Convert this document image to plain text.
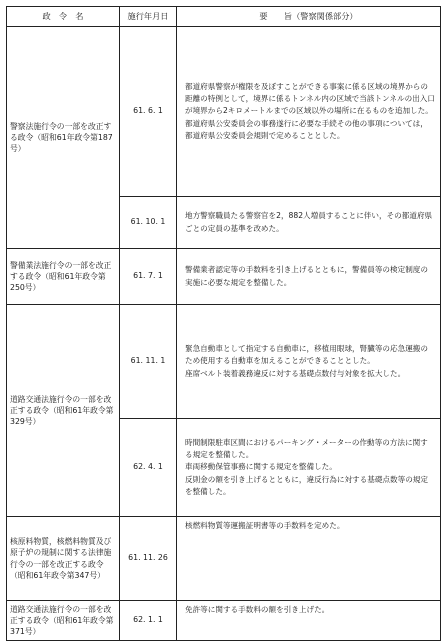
政　令　名	施行年月日	要　　旨（警察関係部分）
警察法施行令の一部を改正する政令（昭和61年政令第187号）	61. 6. 1	都道府県警察が権限を及ぼすことができる事案に係る区域の境界からの距離の特例として，境界に係るトンネル内の区域で当該トンネルの出入口が境界から2キロメートルまでの区域以外の場所に在るものを追加した。

都道府県公安委員会の事務遂行に必要な手続その他の事項については，都道府県公安委員会規則で定めることとした。

	61. 10. 1	地方警察職員たる警察官を2，882人増員することに伴い，その都道府県ごとの定員の基準を改めた。

警備業法施行令の一部を改正する政令（昭和61年政令第250号）	61. 7. 1	警備業者認定等の手数料を引き上げるとともに，警備員等の検定制度の実施に必要な規定を整備した。

道路交通法施行令の一部を改正する政令（昭和61年政令第329号）	61. 11. 1	緊急自動車として指定する自動車に，移植用眼球，腎臓等の応急運搬のため使用する自動車を加えることができることとした。

座席ベルト装着義務違反に対する基礎点数付与対象を拡大した。

	62. 4. 1	時間制限駐車区間におけるパーキング・メーターの作動等の方法に関する規定を整備した。

車両移動保管事務に関する規定を整備した。

反則金の額を引き上げるとともに，違反行為に対する基礎点数等の規定を整備した。

核原料物質，核燃料物質及び原子炉の規制に関する法律施行令の一部を改正する政令（昭和61年政令第347号）	61. 11. 26	核燃料物質等運搬証明書等の手数料を定めた。

道路交通法施行令の一部を改正する政令（昭和61年政令第371号）	62. 1. 1	免許等に関する手数料の額を引き上げた。
